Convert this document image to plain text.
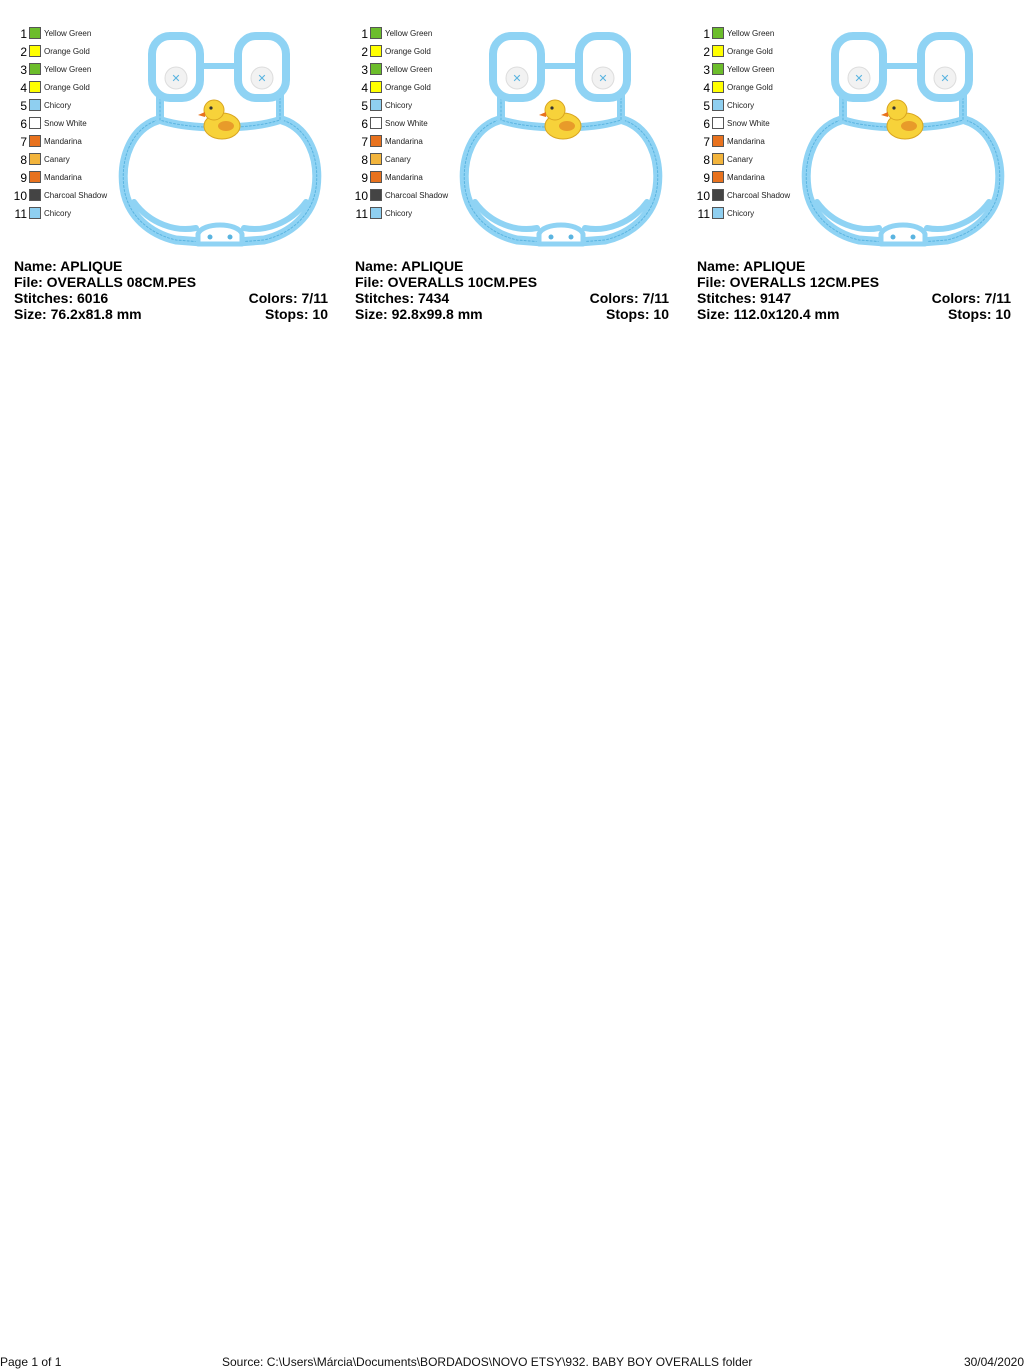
1 Yellow Green
2 Orange Gold
3 Yellow Green
4 Orange Gold
5 Chicory
6 Snow White
7 Mandarina
8 Canary
9 Mandarina
10 Charcoal Shadow
11 Chicory
✕	✕
Name: APLIQUE
File: OVERALLS 08CM.PES
Stitches: 6016	Colors: 7/11
Size: 76.2x81.8 mm	Stops: 10
1 Yellow Green
2 Orange Gold
3 Yellow Green
4 Orange Gold
5 Chicory
6 Snow White
7 Mandarina
8 Canary
9 Mandarina
10 Charcoal Shadow
11 Chicory
✕	✕
Name: APLIQUE
File: OVERALLS 10CM.PES
Stitches: 7434	Colors: 7/11
Size: 92.8x99.8 mm	Stops: 10
1 Yellow Green
2 Orange Gold
3 Yellow Green
4 Orange Gold
5 Chicory
6 Snow White
7 Mandarina
8 Canary
9 Mandarina
10 Charcoal Shadow
11 Chicory
✕	✕
Name: APLIQUE
File: OVERALLS 12CM.PES
Stitches: 9147	Colors: 7/11
Size: 112.0x120.4 mm	Stops: 10
Page 1 of 1	Source: C:\Users\Márcia\Documents\BORDADOS\NOVO ETSY\932. BABY BOY OVERALLS folder	30/04/2020
